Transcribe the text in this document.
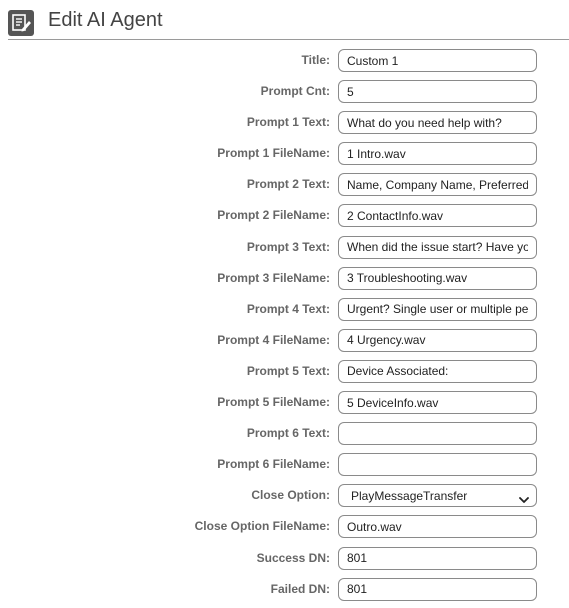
Edit AI Agent
Title:
Custom 1
Prompt Cnt:
5
Prompt 1 Text:
What do you need help with?
Prompt 1 FileName:
1 Intro.wav
Prompt 2 Text:
Name, Company Name, Preferred Contact Method
Prompt 2 FileName:
2 ContactInfo.wav
Prompt 3 Text:
When did the issue start? Have you tried anything?
Prompt 3 FileName:
3 Troubleshooting.wav
Prompt 4 Text:
Urgent? Single user or multiple people affected?
Prompt 4 FileName:
4 Urgency.wav
Prompt 5 Text:
Device Associated:
Prompt 5 FileName:
5 DeviceInfo.wav
Prompt 6 Text:
Prompt 6 FileName:
Close Option: PlayMessageTransfer
Close Option FileName:
Outro.wav
Success DN:
801
Failed DN:
801
